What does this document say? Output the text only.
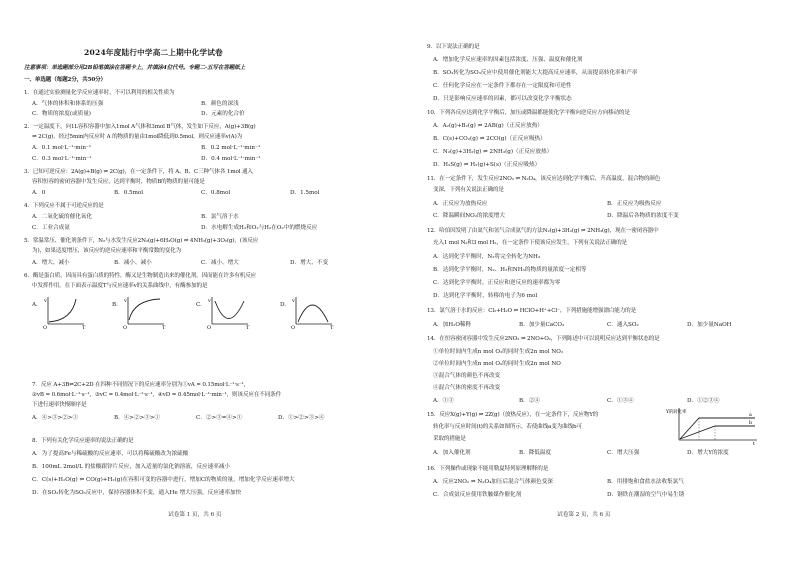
2024年度陆行中学高二上期中化学试卷
注意事项：单选题部分用2B铅笔填涂在答题卡上，并填涂4位代号。专题二-五写在答题纸上
一、单选题（每题2分，共50分）
1．在通过实验测量化学反应速率时，不可以利用的相关性质为
A．气体的体积和体系的压强	B．颜色的深浅
C．物质的浓度(或质量)	D．元素的化合价
2．一定温度下，向1L容积容器中加入1mol A气体和3mol B气体，发生如下反应，A(g)+3B(g)
⇌ 2C(g)，经过5min内反应时 A 的物质的量由1mol降低到0.5mol，则反应速率v(A)为
A．0.1 mol·L⁻¹·min⁻¹	B．0.2 mol·L⁻¹·min⁻¹
C．0.3 mol·L⁻¹·min⁻¹	D．0.4 mol·L⁻¹·min⁻¹
3．已知可逆反应：2A(g)+B(g) ⇌ 2C(g)，在一定条件下，将 A、B、C三种气体各 1mol 通入
容积恒容的密闭容器中发生反应，达到平衡时，物质B的物质的量可能是
A．0	B．0.5mol	C．0.8mol	D．1.5mol
4．下列反应不属于可逆反应的是
A．二氧化硫的催化氧化	B．氯气溶于水
C．工业合成氨	D．水电解生成H₂和O₂与H₂在O₂中的燃烧反应
5．常温常压、催化剂条件下，N₂与水发生反应2N₂(g)+6H₂O(g) ⇌ 4NH₃(g)+3O₂(g)，(该反应
为)，如果适度增压，该反应的逆反应速率和平衡常数的变化为
A．增大、减小	B．减小、减小	C．减小、增大	D．增大、不变
6．酶是蛋白质，因而具有蛋白质的特性，酶又是生物制造出来的催化剂，因而能在许多有机反应
中发挥作用。在下面表示温度T与反应速率v的关系曲线中，有酶参加的是
A.
v
T
O
B.
v
T
O
C.
v
T
O
D.
v
T
O
7．反应 A+3B⇌2C+2D 在四种不同情况下的反应速率分别为①vA = 0.15mol·L⁻¹·s⁻¹，
②vB = 0.6mol·L⁻¹·s⁻¹，③vC = 0.4mol·L⁻¹·s⁻¹，④vD = 0.45mol·L⁻¹·min⁻¹，则该反应在不同条件
下进行速率快慢顺序是
A．④>③>②>①	B．④>②>③>①	C．②>③=④>①	D．①>②>③>④
8．下列有关化学反应速率的说法正确的是
A．为了提高Fe与稀硫酸的反应速率，可以将稀硫酸改为浓硫酸
B．100mL 2mol/L 的盐酸跟锌片反应，加入适量的氯化钠溶液，反应速率减小
C．C(s)+H₂O(g) ⇌ CO(g)+H₂(g)在容积可变的容器中进行，增加C的物质的量，增加化学反应速率增大
D．在SO₂转化为SO₃反应中，保持容器体积不变，通入He 增大压强，反应速率加快
试卷第 1 页，共 6 页
9．以下说法正确的是
A．增加化学反应速率的因素包括浓度、压强、温度和催化剂
B．SO₂转化为SO₃反应中使用催化剂能大大提高反应速率，从而提高转化率和产率
C．任何化学反应在一定条件下都存在一定限度和可逆性
D．只是影响反应速率的因素，都可以改变化学平衡状态
10．下列各反应达到化学平衡后，加压或降温都能使化学平衡向逆反应方向移动的是
A．A₂(g)+B₂(g) ⇌ 2AB(g)（正反应放热）
B．C(s)+CO₂(g) ⇌ 2CO(g)（正反应吸热）
C．N₂(g)+3H₂(g) ⇌ 2NH₃(g)（正反应放热）
D．H₂S(g) ⇌ H₂(g)+S(s)（正反应吸热）
11．在一定条件下，发生反应2NO₂ ⇌ N₂O₄，该反应达到化学平衡后，升高温度，混合物的颜色
变深，下列有关说法正确的是
A．正反应为放热反应	B．正反应为吸热反应
C．降温瞬间NO₂的浓度增大	D．降温后各物质的浓度不变
12．哈伯因发明了由氮气和氢气合成氨气的方法N₂(g)+3H₂(g) ⇌ 2NH₃(g)，现在一密闭容器中
充入1 mol N₂和3 mol H₂，在一定条件下使该反应发生，下列有关说法正确的是
A．达到化学平衡时，N₂将完全转化为NH₃
B．达到化学平衡时，N₂、H₂和NH₃的物质的量浓度一定相等
C．达到化学平衡时，正反应和逆反应的速率都为零
D．达到化学平衡时，转移的电子为6 mol
13．氯气溶于水的反应：Cl₂+H₂O ⇌ HClO+H⁺+Cl⁻，下列措施能增强漂白能力的是
A．加H₂O稀释	B．加少量CaCO₃	C．通入SO₂	D．加少量NaOH
14．在恒容密闭容器中发生反应2NO₂ ⇌ 2NO+O₂，下列陈述中可以说明反应达到平衡状态的是
①单位时间内生成n mol O₂的同时生成2n mol NO₂
②单位时间内生成n mol O₂的同时生成2n mol NO
③混合气体的颜色不再改变
④混合气体的密度不再改变
A．①③	B．②④	C．①③④	D．①②③④
15．反应X(g)+Y(g) ⇌ 2Z(g)（放热反应），在一定条件下，反应物Y的
转化率与反应时间(t)的关系如图所示。若使曲线a变为曲线b可
采取的措施是
Y的转化率
t
a
b
A．加入催化剂	B．降低温度	C．增大压强	D．增大Y的浓度
16．下列操作或现象不能用勒夏特列原理解释的是
A．反应2NO₂ ⇌ N₂O₄加压后混合气体颜色变深	B．用排饱和食盐水法收集氯气
C．合成氨反应使用铁触媒作催化剂	D．钢铁在潮湿的空气中易生锈
试卷第 2 页，共 6 页
